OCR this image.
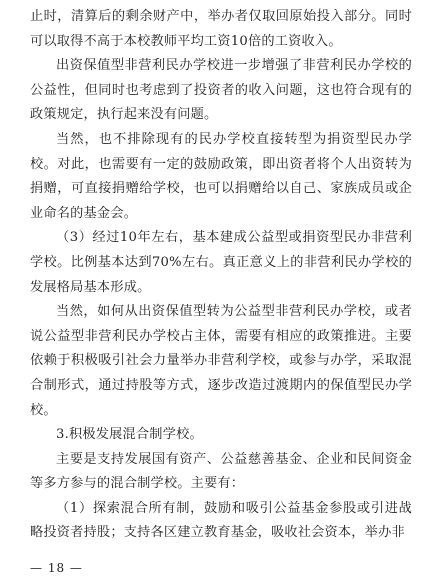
止时，清算后的剩余财产中，举办者仅取回原始投入部分。同时可以取得不高于本校教师平均工资10倍的工资收入。

出资保值型非营利民办学校进一步增强了非营利民办学校的公益性，但同时也考虑到了投资者的收入问题，这也符合现有的政策规定，执行起来没有问题。

当然，也不排除现有的民办学校直接转型为捐资型民办学校。对此，也需要有一定的鼓励政策，即出资者将个人出资转为捐赠，可直接捐赠给学校，也可以捐赠给以自己、家族成员或企业命名的基金会。

（3）经过10年左右，基本建成公益型或捐资型民办非营利学校。比例基本达到70%左右。真正意义上的非营利民办学校的发展格局基本形成。

当然，如何从出资保值型转为公益型非营利民办学校，或者说公益型非营利民办学校占主体，需要有相应的政策推进。主要依赖于积极吸引社会力量举办非营利学校，或参与办学，采取混合制形式，通过持股等方式，逐步改造过渡期内的保值型民办学校。

3.积极发展混合制学校。

主要是支持发展国有资产、公益慈善基金、企业和民间资金等多方参与的混合制学校。主要有：

（1）探索混合所有制，鼓励和吸引公益基金参股或引进战略投资者持股；支持各区建立教育基金，吸收社会资本，举办非

— 18 —
